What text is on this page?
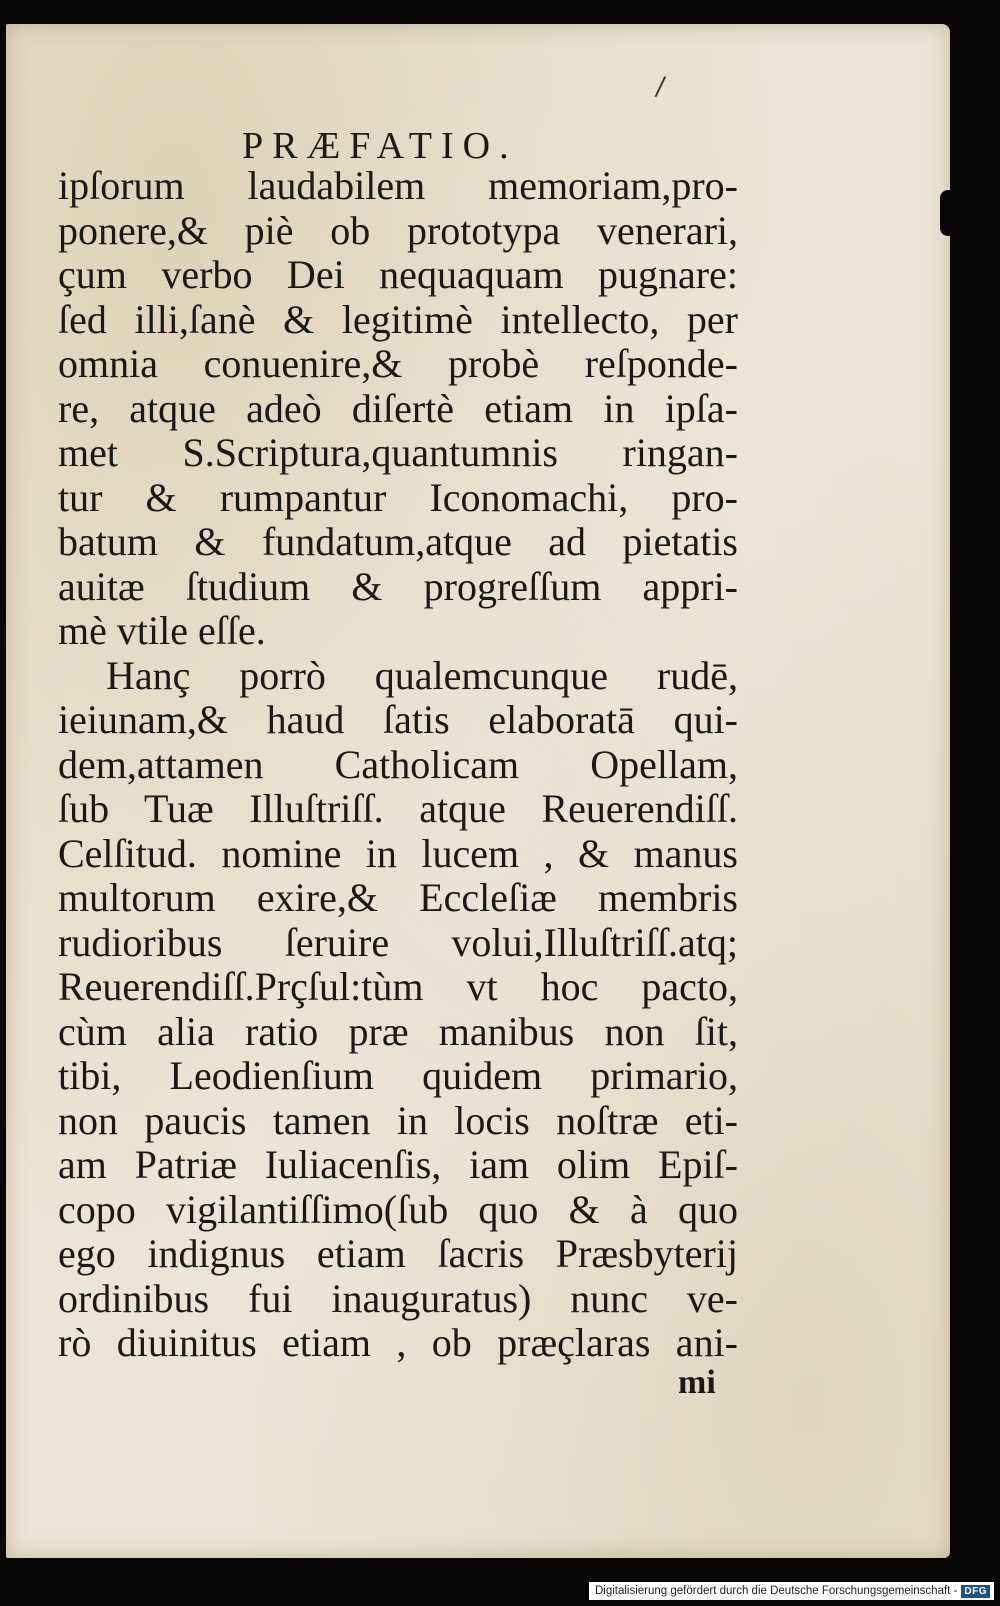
/
PRÆFATIO.
ipſorum laudabilem memoriam,pro-
ponere,& piè ob prototypa venerari,
çum verbo Dei nequaquam pugnare:
ſed illi,ſanè & legitimè intellecto, per
omnia conuenire,& probè reſponde-
re, atque adeò diſertè etiam in ipſa-
met S.Scriptura,quantumnis ringan-
tur & rumpantur Iconomachi, pro-
batum & fundatum,atque ad pietatis
auitæ ſtudium & progreſſum appri-
mè vtile eſſe.
Hanç porrò qualemcunque rudē,
ieiunam,& haud ſatis elaboratā qui-
dem,attamen Catholicam Opellam,
ſub Tuæ Illuſtriſſ. atque Reuerendiſſ.
Celſitud. nomine in lucem , & manus
multorum exire,& Eccleſiæ membris
rudioribus ſeruire volui,Illuſtriſſ.atq;
Reuerendiſſ.Prçſul:tùm vt hoc pacto,
cùm alia ratio præ manibus non ſit,
tibi, Leodienſium quidem primario,
non paucis tamen in locis noſtræ eti-
am Patriæ Iuliacenſis, iam olim Epiſ-
copo vigilantiſſimo(ſub quo & à quo
ego indignus etiam ſacris Præsbyterij
ordinibus fui inauguratus) nunc ve-
rò diuinitus etiam , ob præçlaras ani-
mi
Digitalisierung gefördert durch die Deutsche Forschungsgemeinschaft - DFG
